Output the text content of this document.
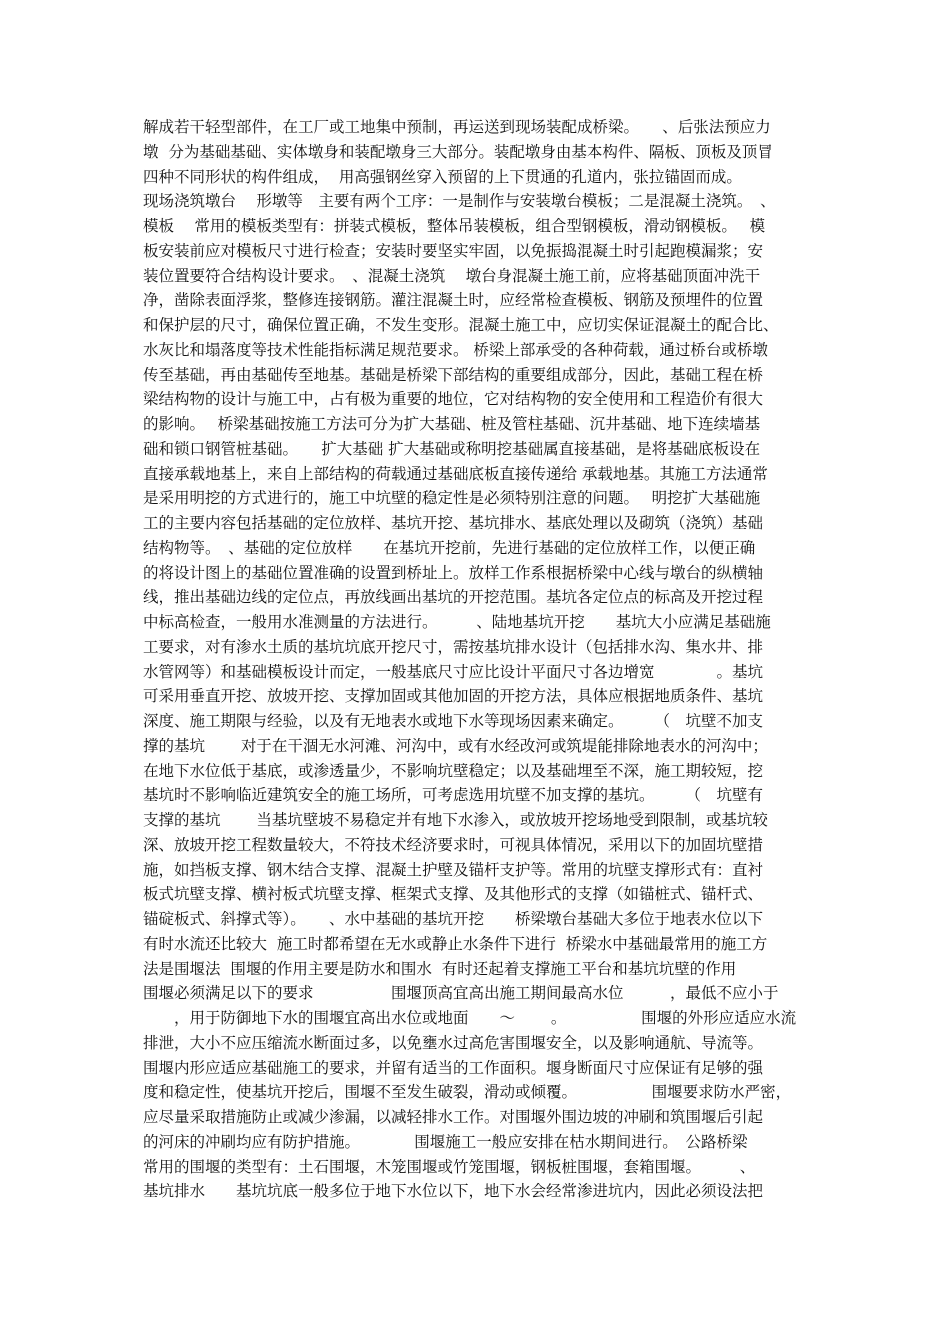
解成若干轻型部件，在工厂或工地集中预制，再运送到现场装配成桥梁。　　、后张法预应力
墩  分为基础基础、实体墩身和装配墩身三大部分。装配墩身由基本构件、隔板、顶板及顶冒
四种不同形状的构件组成，  用高强钢丝穿入预留的上下贯通的孔道内，张拉锚固而成。
现场浇筑墩台　 形墩等　主要有两个工序：一是制作与安装墩台模板；二是混凝土浇筑。　、
模板　 常用的模板类型有：拼装式模板，整体吊装模板，组合型钢模板，滑动钢模板。　 模
板安装前应对模板尺寸进行检查；安装时要坚实牢固，以免振捣混凝土时引起跑模漏浆；安
装位置要符合结构设计要求。　、混凝土浇筑　 墩台身混凝土施工前，应将基础顶面冲洗干
净，凿除表面浮浆，整修连接钢筋。灌注混凝土时，应经常检查模板、钢筋及预埋件的位置
和保护层的尺寸，确保位置正确，不发生变形。混凝土施工中，应切实保证混凝土的配合比、
水灰比和塌落度等技术性能指标满足规范要求。 桥梁上部承受的各种荷载，通过桥台或桥墩
传至基础，再由基础传至地基。基础是桥梁下部结构的重要组成部分，因此，基础工程在桥
梁结构物的设计与施工中，占有极为重要的地位，它对结构物的安全使用和工程造价有很大
的影响。　 桥梁基础按施工方法可分为扩大基础、桩及管柱基础、沉井基础、地下连续墙基
础和锁口钢管桩基础。　　扩大基础 扩大基础或称明挖基础属直接基础，是将基础底板设在
直接承载地基上，来自上部结构的荷载通过基础底板直接传递给 承载地基。其施工方法通常
是采用明挖的方式进行的，施工中坑壁的稳定性是必须特别注意的问题。　 明挖扩大基础施
工的主要内容包括基础的定位放样、基坑开挖、基坑排水、基底处理以及砌筑（浇筑）基础
结构物等。　、基础的定位放样　　在基坑开挖前，先进行基础的定位放样工作，以便正确
的将设计图上的基础位置准确的设置到桥址上。放样工作系根据桥梁中心线与墩台的纵横轴
线，推出基础边线的定位点，再放线画出基坑的开挖范围。基坑各定位点的标高及开挖过程
中标高检查，一般用水准测量的方法进行。　　　、陆地基坑开挖　　基坑大小应满足基础施
工要求，对有渗水土质的基坑坑底开挖尺寸，需按基坑排水设计（包括排水沟、集水井、排
水管网等）和基础模板设计而定，一般基底尺寸应比设计平面尺寸各边增宽　　　　。基坑
可采用垂直开挖、放坡开挖、支撑加固或其他加固的开挖方法，具体应根据地质条件、基坑
深度、施工期限与经验，以及有无地表水或地下水等现场因素来确定。　　　（　坑壁不加支
撑的基坑　　 对于在干涸无水河滩、河沟中，或有水经改河或筑堤能排除地表水的河沟中；
在地下水位低于基底，或渗透量少，不影响坑壁稳定；以及基础埋至不深，施工期较短，挖
基坑时不影响临近建筑安全的施工场所，可考虑选用坑壁不加支撑的基坑。　　　（　坑壁有
支撑的基坑　　 当基坑壁坡不易稳定并有地下水渗入，或放坡开挖场地受到限制，或基坑较
深、放坡开挖工程数量较大，不符技术经济要求时，可视具体情况，采用以下的加固坑壁措
施，如挡板支撑、钢木结合支撑、混凝土护壁及锚杆支护等。常用的坑壁支撑形式有：直衬
板式坑壁支撑、横衬板式坑壁支撑、框架式支撑、及其他形式的支撑（如锚桩式、锚杆式、
锚碇板式、斜撑式等）。　　、水中基础的基坑开挖　　桥梁墩台基础大多位于地表水位以下
有时水流还比较大  施工时都希望在无水或静止水条件下进行  桥梁水中基础最常用的施工方
法是围堰法  围堰的作用主要是防水和围水  有时还起着支撑施工平台和基坑坑壁的作用
围堰必须满足以下的要求　　　　　围堰顶高宜高出施工期间最高水位　　　，最低不应小于
　　，用于防御地下水的围堰宜高出水位或地面　　～　　 。　　　　　 围堰的外形应适应水流
排泄，大小不应压缩流水断面过多，以免壅水过高危害围堰安全，以及影响通航、导流等。
围堰内形应适应基础施工的要求，并留有适当的工作面积。堰身断面尺寸应保证有足够的强
度和稳定性，使基坑开挖后，围堰不至发生破裂，滑动或倾覆。　　　　　 围堰要求防水严密，
应尽量采取措施防止或减少渗漏，以减轻排水工作。对围堰外围边坡的冲刷和筑围堰后引起
的河床的冲刷均应有防护措施。　　　　围堰施工一般应安排在枯水期间进行。　公路桥梁
常用的围堰的类型有：土石围堰，木笼围堰或竹笼围堰，钢板桩围堰，套箱围堰。　　　、
基坑排水　　基坑坑底一般多位于地下水位以下，地下水会经常渗进坑内，因此必须设法把
